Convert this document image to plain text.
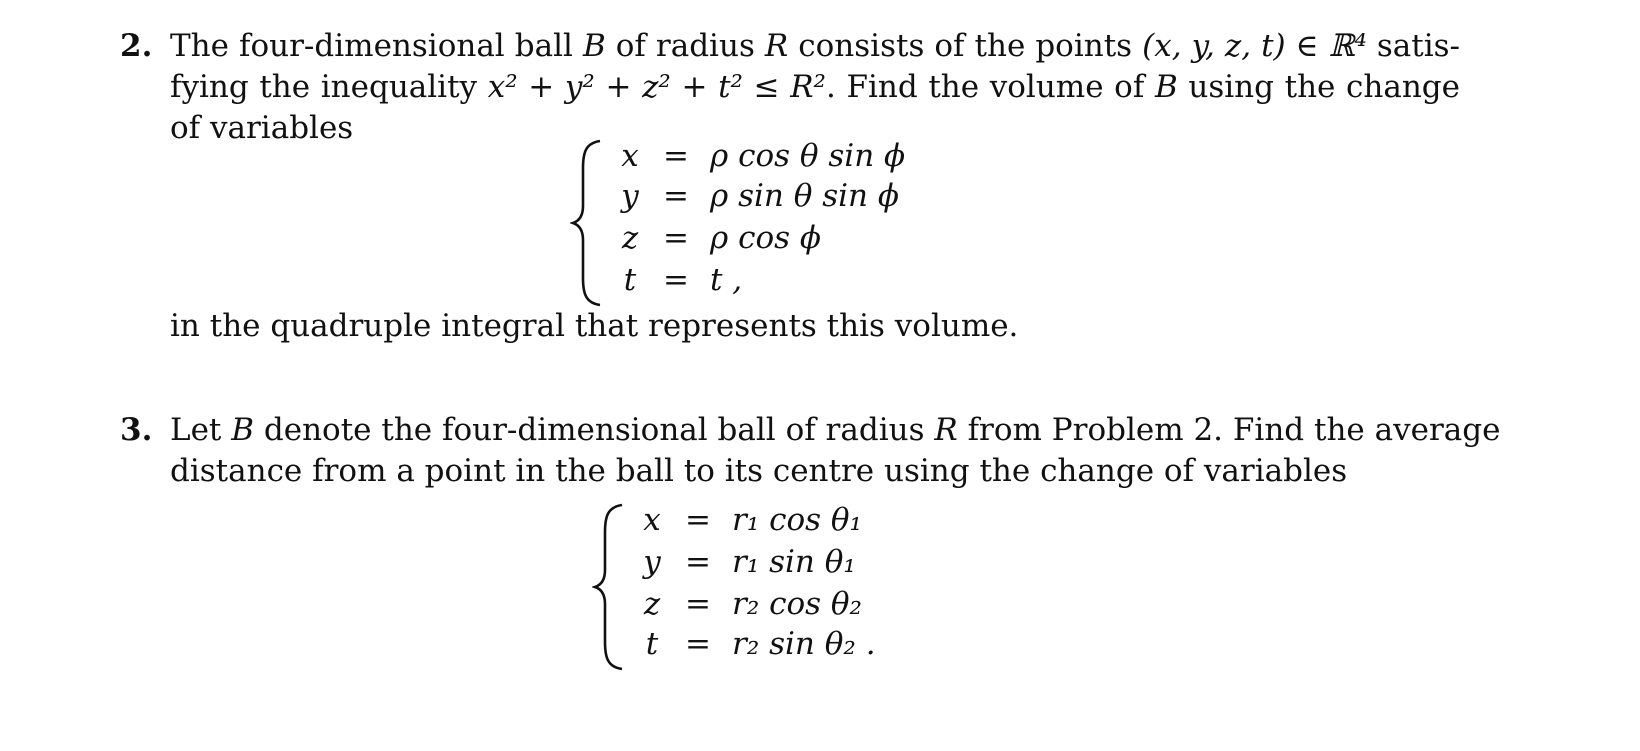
2. The four-dimensional ball B of radius R consists of the points (x, y, z, t) ∈ ℝ⁴ satis-
fying the inequality x² + y² + z² + t² ≤ R². Find the volume of B using the change
of variables
x = ρ cos θ sin ϕ
y = ρ sin θ sin ϕ
z = ρ cos ϕ
t = t ,
in the quadruple integral that represents this volume.
3. Let B denote the four-dimensional ball of radius R from Problem 2. Find the average
distance from a point in the ball to its centre using the change of variables
x = r₁ cos θ₁
y = r₁ sin θ₁
z = r₂ cos θ₂
t = r₂ sin θ₂ .
